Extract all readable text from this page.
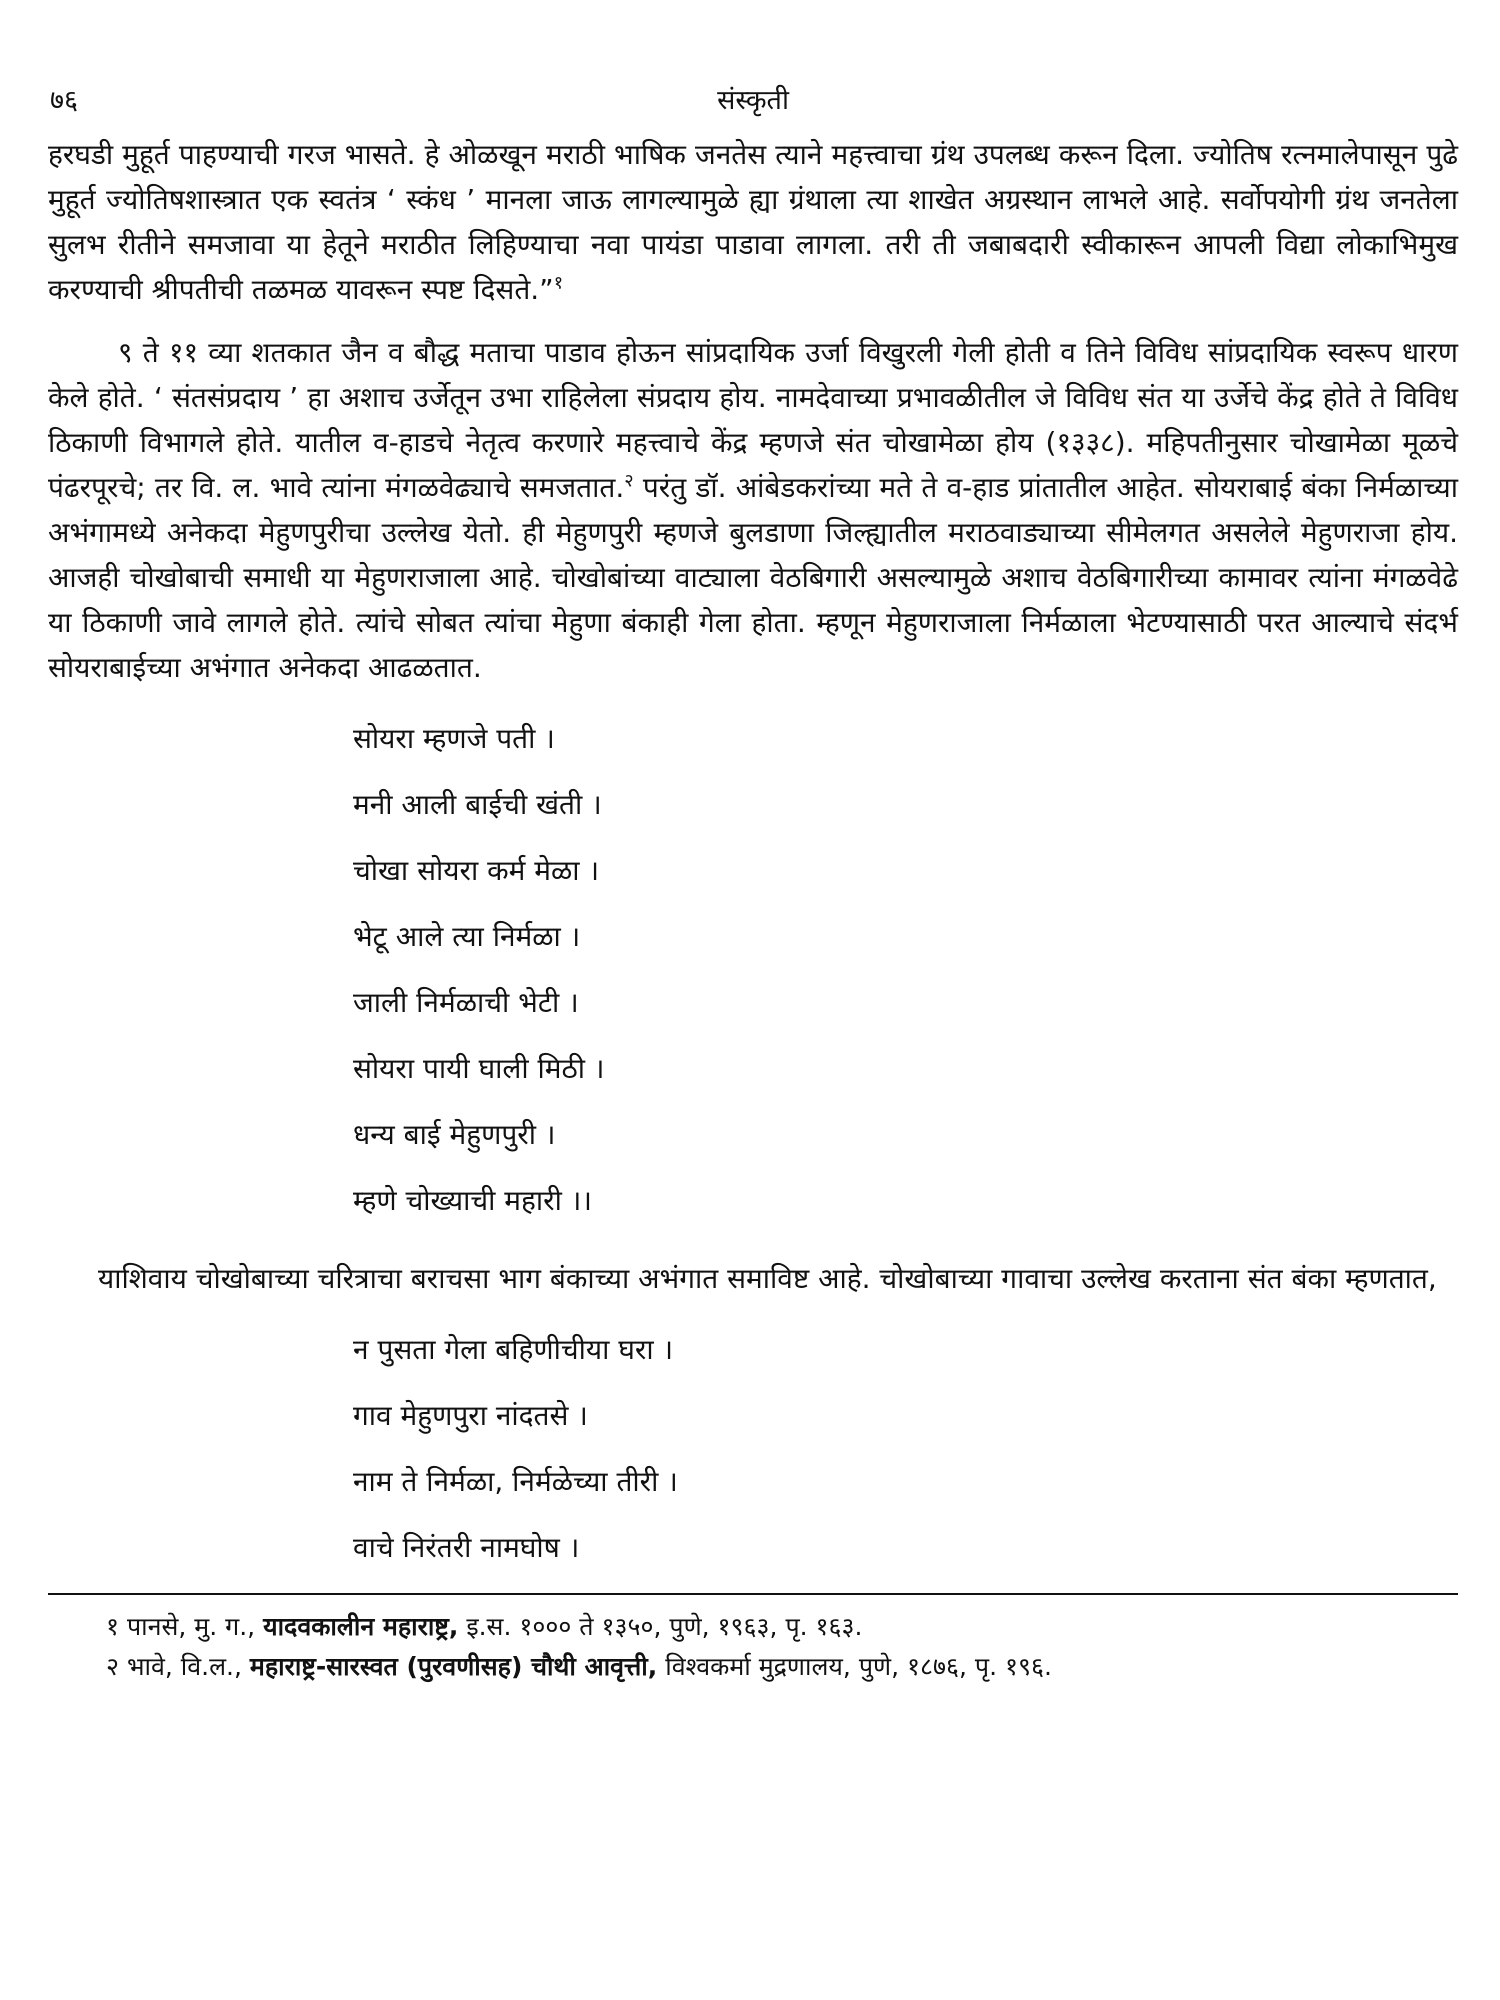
७६	संस्कृती

हरघडी मुहूर्त पाहण्याची गरज भासते. हे ओळखून मराठी भाषिक जनतेस त्याने महत्त्वाचा ग्रंथ उपलब्ध करून दिला. ज्योतिष रत्नमालेपासून पुढे मुहूर्त ज्योतिषशास्त्रात एक स्वतंत्र ‘ स्कंध ’ मानला जाऊ लागल्यामुळे ह्या ग्रंथाला त्या शाखेत अग्रस्थान लाभले आहे. सर्वोपयोगी ग्रंथ जनतेला सुलभ रीतीने समजावा या हेतूने मराठीत लिहिण्याचा नवा पायंडा पाडावा लागला. तरी ती जबाबदारी स्वीकारून आपली विद्या लोकाभिमुख करण्याची श्रीपतीची तळमळ यावरून स्पष्ट दिसते.”$^१$

९ ते ११ व्या शतकात जैन व बौद्ध मताचा पाडाव होऊन सांप्रदायिक उर्जा विखुरली गेली होती व तिने विविध सांप्रदायिक स्वरूप धारण केले होते. ‘ संतसंप्रदाय ’ हा अशाच उर्जेतून उभा राहिलेला संप्रदाय होय. नामदेवाच्या प्रभावळीतील जे विविध संत या उर्जेचे केंद्र होते ते विविध ठिकाणी विभागले होते. यातील व-हाडचे नेतृत्व करणारे महत्त्वाचे केंद्र म्हणजे संत चोखामेळा होय (१३३८). महिपतीनुसार चोखामेळा मूळचे पंढरपूरचे; तर वि. ल. भावे त्यांना मंगळवेढ्याचे समजतात.$^२$ परंतु डॉ. आंबेडकरांच्या मते ते व-हाड प्रांतातील आहेत. सोयराबाई बंका निर्मळाच्या अभंगामध्ये अनेकदा मेहुणपुरीचा उल्लेख येतो. ही मेहुणपुरी म्हणजे बुलडाणा जिल्ह्यातील मराठवाड्याच्या सीमेलगत असलेले मेहुणराजा होय. आजही चोखोबाची समाधी या मेहुणराजाला आहे. चोखोबांच्या वाट्याला वेठबिगारी असल्यामुळे अशाच वेठबिगारीच्या कामावर त्यांना मंगळवेढे या ठिकाणी जावे लागले होते. त्यांचे सोबत त्यांचा मेहुणा बंकाही गेला होता. म्हणून मेहुणराजाला निर्मळाला भेटण्यासाठी परत आल्याचे संदर्भ सोयराबाईच्या अभंगात अनेकदा आढळतात.

सोयरा म्हणजे पती ।
मनी आली बाईची खंती ।
चोखा सोयरा कर्म मेळा ।
भेटू आले त्या निर्मळा ।
जाली निर्मळाची भेटी ।
सोयरा पायी घाली मिठी ।
धन्य बाई मेहुणपुरी ।
म्हणे चोख्याची महारी ।।

याशिवाय चोखोबाच्या चरित्राचा बराचसा भाग बंकाच्या अभंगात समाविष्ट आहे. चोखोबाच्या गावाचा उल्लेख करताना संत बंका म्हणतात,

न पुसता गेला बहिणीचीया घरा ।
गाव मेहुणपुरा नांदतसे ।
नाम ते निर्मळा, निर्मळेच्या तीरी ।
वाचे निरंतरी नामघोष ।
१ पानसे, मु. ग., यादवकालीन महाराष्ट्र, इ.स. १००० ते १३५०, पुणे, १९६३, पृ. १६३.
२ भावे, वि.ल., महाराष्ट्र-सारस्वत (पुरवणीसह) चौथी आवृत्ती, विश्वकर्मा मुद्रणालय, पुणे, १८७६, पृ. १९६.
